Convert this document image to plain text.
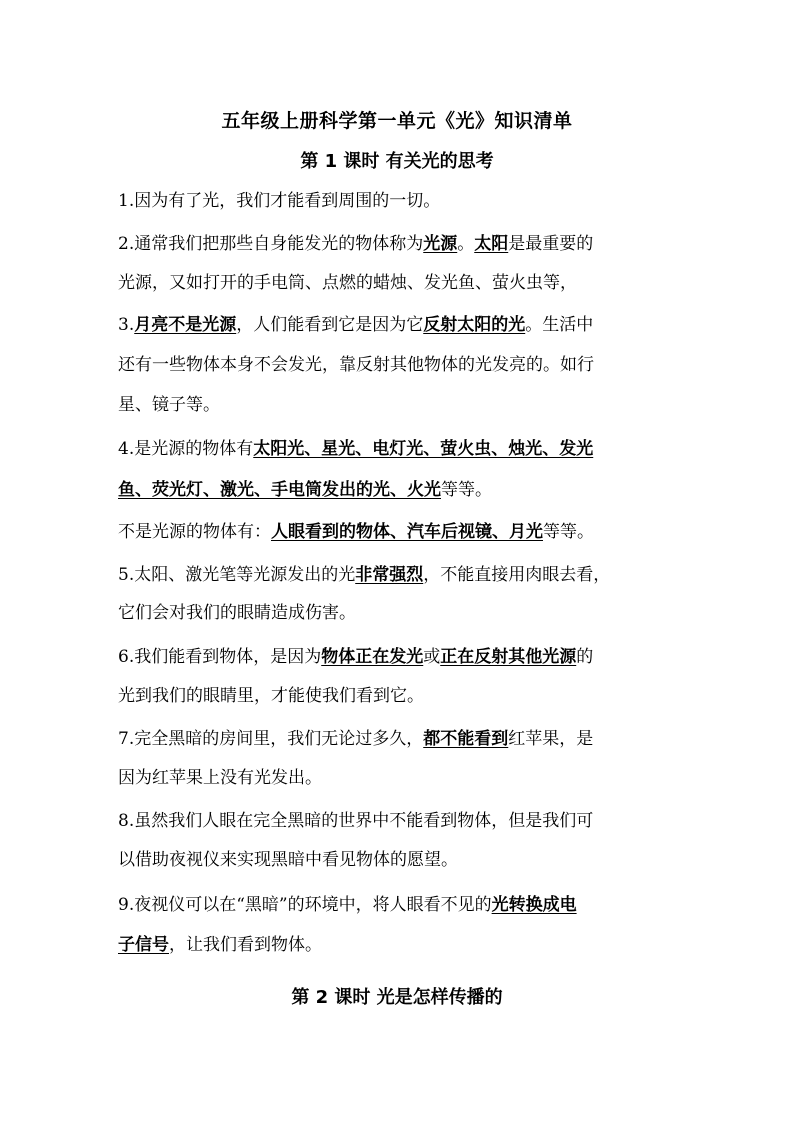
五年级上册科学第一单元《光》知识清单
第 1 课时 有关光的思考
1.因为有了光，我们才能看到周围的一切。
2.通常我们把那些自身能发光的物体称为光源。太阳是最重要的
光源，又如打开的手电筒、点燃的蜡烛、发光鱼、萤火虫等，
3.月亮不是光源，人们能看到它是因为它反射太阳的光。生活中
还有一些物体本身不会发光，靠反射其他物体的光发亮的。如行
星、镜子等。
4.是光源的物体有太阳光、星光、电灯光、萤火虫、烛光、发光
鱼、荧光灯、激光、手电筒发出的光、火光等等。
不是光源的物体有：人眼看到的物体、汽车后视镜、月光等等。
5.太阳、激光笔等光源发出的光非常强烈，不能直接用肉眼去看，
它们会对我们的眼睛造成伤害。
6.我们能看到物体，是因为物体正在发光或正在反射其他光源的
光到我们的眼睛里，才能使我们看到它。
7.完全黑暗的房间里，我们无论过多久，都不能看到红苹果，是
因为红苹果上没有光发出。
8.虽然我们人眼在完全黑暗的世界中不能看到物体，但是我们可
以借助夜视仪来实现黑暗中看见物体的愿望。
9.夜视仪可以在“黑暗”的环境中，将人眼看不见的光转换成电
子信号，让我们看到物体。
第 2 课时 光是怎样传播的
